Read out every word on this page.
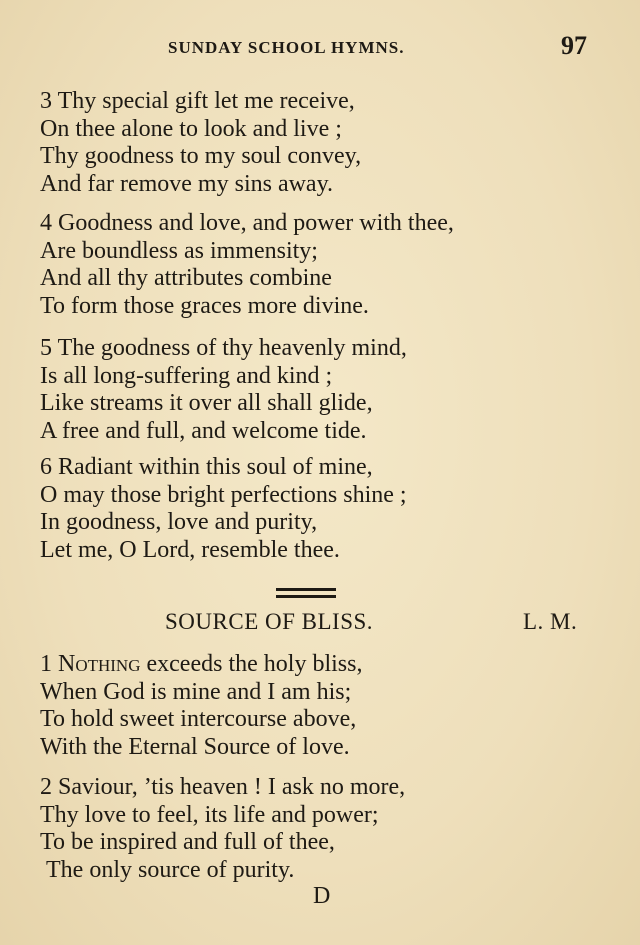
SUNDAY SCHOOL HYMNS.	97
3 Thy special gift let me receive,
On thee alone to look and live ;
Thy goodness to my soul convey,
And far remove my sins away.
4 Goodness and love, and power with thee,
Are boundless as immensity;
And all thy attributes combine
To form those graces more divine.
5 The goodness of thy heavenly mind,
Is all long-suffering and kind ;
Like streams it over all shall glide,
A free and full, and welcome tide.
6 Radiant within this soul of mine,
O may those bright perfections shine ;
In goodness, love and purity,
Let me, O Lord, resemble thee.
SOURCE OF BLISS.	L. M.
1 Nothing exceeds the holy bliss,
When God is mine and I am his;
To hold sweet intercourse above,
With the Eternal Source of love.
2 Saviour, ’tis heaven ! I ask no more,
Thy love to feel, its life and power;
To be inspired and full of thee,
The only source of purity.
D
